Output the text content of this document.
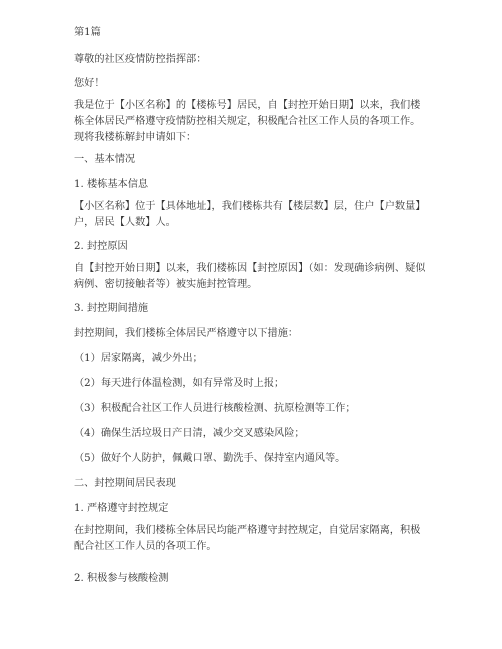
第1篇

尊敬的社区疫情防控指挥部：

您好！

我是位于【小区名称】的【楼栋号】居民，自【封控开始日期】以来，我们楼栋全体居民严格遵守疫情防控相关规定，积极配合社区工作人员的各项工作。现将我楼栋解封申请如下：

一、基本情况

1. 楼栋基本信息

【小区名称】位于【具体地址】，我们楼栋共有【楼层数】层，住户【户数量】户，居民【人数】人。

2. 封控原因

自【封控开始日期】以来，我们楼栋因【封控原因】（如：发现确诊病例、疑似病例、密切接触者等）被实施封控管理。

3. 封控期间措施

封控期间，我们楼栋全体居民严格遵守以下措施：

（1）居家隔离，减少外出；

（2）每天进行体温检测，如有异常及时上报；

（3）积极配合社区工作人员进行核酸检测、抗原检测等工作；

（4）确保生活垃圾日产日清，减少交叉感染风险；

（5）做好个人防护，佩戴口罩、勤洗手、保持室内通风等。

二、封控期间居民表现

1. 严格遵守封控规定

在封控期间，我们楼栋全体居民均能严格遵守封控规定，自觉居家隔离，积极配合社区工作人员的各项工作。

2. 积极参与核酸检测
